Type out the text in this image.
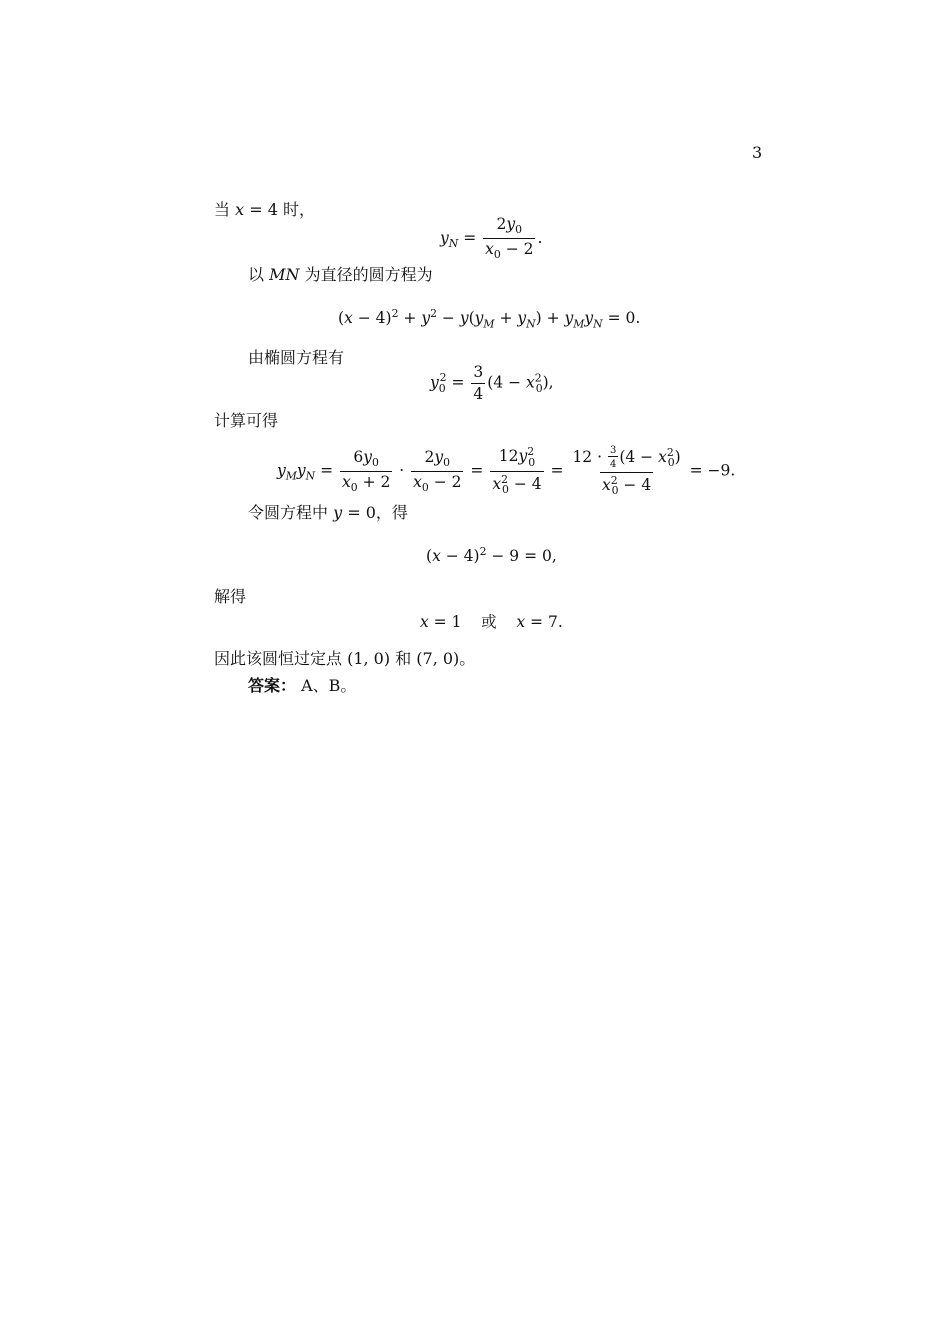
3
当 x = 4 时，
$y_N = \frac{2y_0}{x_0 - 2}$ .
以 MN 为直径的圆方程为
$(x - 4)^2 + y^2 - y(y_M + y_N) + y_My_N = 0$.
由椭圆方程有
$y_0^2 = \frac{3}{4} (4 - x^2_0)$,
计算可得
$y_My_N = \frac{6y_0}{x_0 + 2} \cdot \frac{2y_0}{x_0 - 2} = \frac{12y^2_0}{x^2_0 - 4} = \frac{12 \cdot \frac{3}{4} (4 - x^2_0)}{x^2_0 - 4} = -9$.
令圆方程中 y = 0，得
$(x - 4)^2 - 9 = 0$,
解得
x = 1    或    x = 7.
因此该圆恒过定点 (1, 0) 和 (7, 0)。
答案： A、B。
